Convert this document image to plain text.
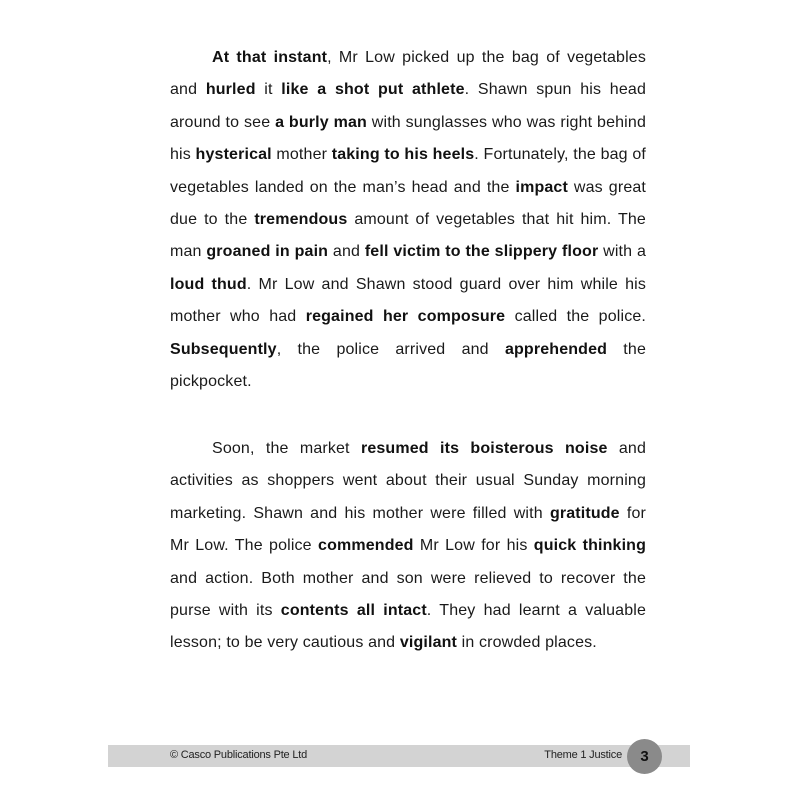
At that instant, Mr Low picked up the bag of vegetables and hurled it like a shot put athlete. Shawn spun his head around to see a burly man with sunglasses who was right behind his hysterical mother taking to his heels. Fortunately, the bag of vegetables landed on the man’s head and the impact was great due to the tremendous amount of vegetables that hit him. The man groaned in pain and fell victim to the slippery floor with a loud thud. Mr Low and Shawn stood guard over him while his mother who had regained her composure called the police. Subsequently, the police arrived and apprehended the pickpocket.

Soon, the market resumed its boisterous noise and activities as shoppers went about their usual Sunday morning marketing. Shawn and his mother were filled with gratitude for Mr Low. The police commended Mr Low for his quick thinking and action. Both mother and son were relieved to recover the purse with its contents all intact. They had learnt a valuable lesson; to be very cautious and vigilant in crowded places.

© Casco Publications Pte Ltd	Theme 1 Justice 3
